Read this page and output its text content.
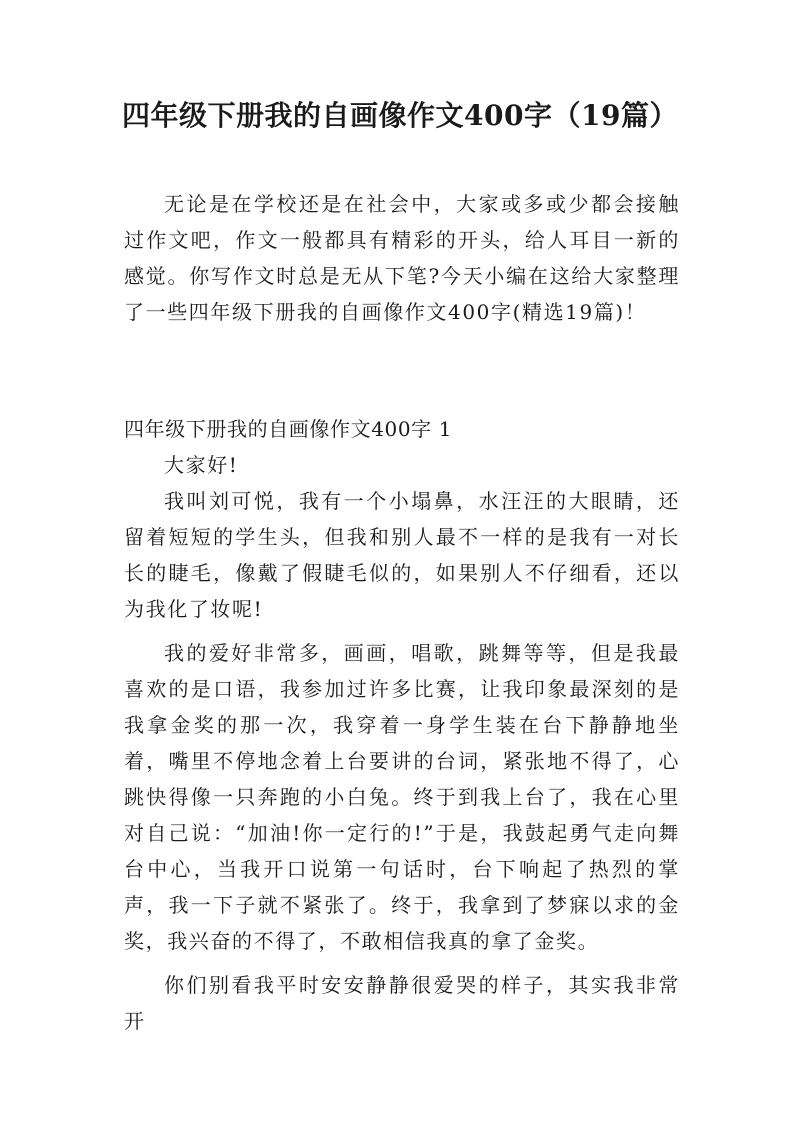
四年级下册我的自画像作文400字（19篇）

无论是在学校还是在社会中，大家或多或少都会接触过作文吧，作文一般都具有精彩的开头，给人耳目一新的感觉。你写作文时总是无从下笔?今天小编在这给大家整理了一些四年级下册我的自画像作文400字(精选19篇)！

四年级下册我的自画像作文400字 1

大家好!

我叫刘可悦，我有一个小塌鼻，水汪汪的大眼睛，还留着短短的学生头，但我和别人最不一样的是我有一对长长的睫毛，像戴了假睫毛似的，如果别人不仔细看，还以为我化了妆呢!

我的爱好非常多，画画，唱歌，跳舞等等，但是我最喜欢的是口语，我参加过许多比赛，让我印象最深刻的是我拿金奖的那一次，我穿着一身学生装在台下静静地坐着，嘴里不停地念着上台要讲的台词，紧张地不得了，心跳快得像一只奔跑的小白兔。终于到我上台了，我在心里对自己说：“加油!你一定行的!”于是，我鼓起勇气走向舞台中心，当我开口说第一句话时，台下响起了热烈的掌声，我一下子就不紧张了。终于，我拿到了梦寐以求的金奖，我兴奋的不得了，不敢相信我真的拿了金奖。

你们别看我平时安安静静很爱哭的样子，其实我非常开
